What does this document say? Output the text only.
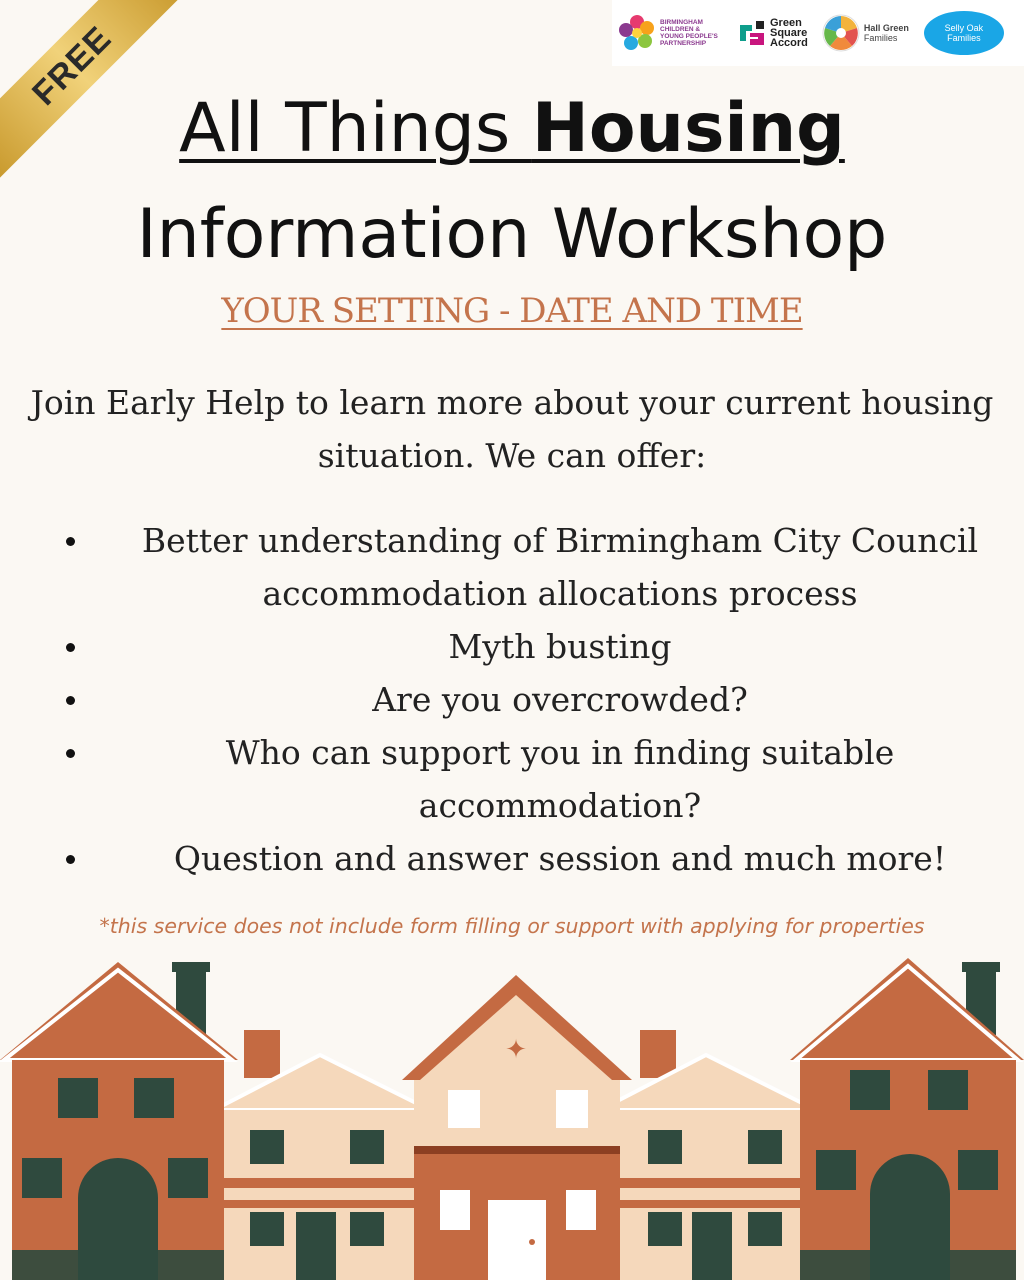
FREE	BIRMINGHAM
CHILDREN &
YOUNG PEOPLE'S
PARTNERSHIP
Green
Square
Accord
Hall Green
Families
Selly Oak
Families
All Things Housing
Information Workshop
YOUR SETTING - DATE AND TIME
Join Early Help to learn more about your current housing
situation. We can offer:
Better understanding of Birmingham City Council
accommodation allocations process
Myth busting
Are you overcrowded?
Who can support you in finding suitable
accommodation?
Question and answer session and much more!
*this service does not include form filling or support with applying for properties
✦
